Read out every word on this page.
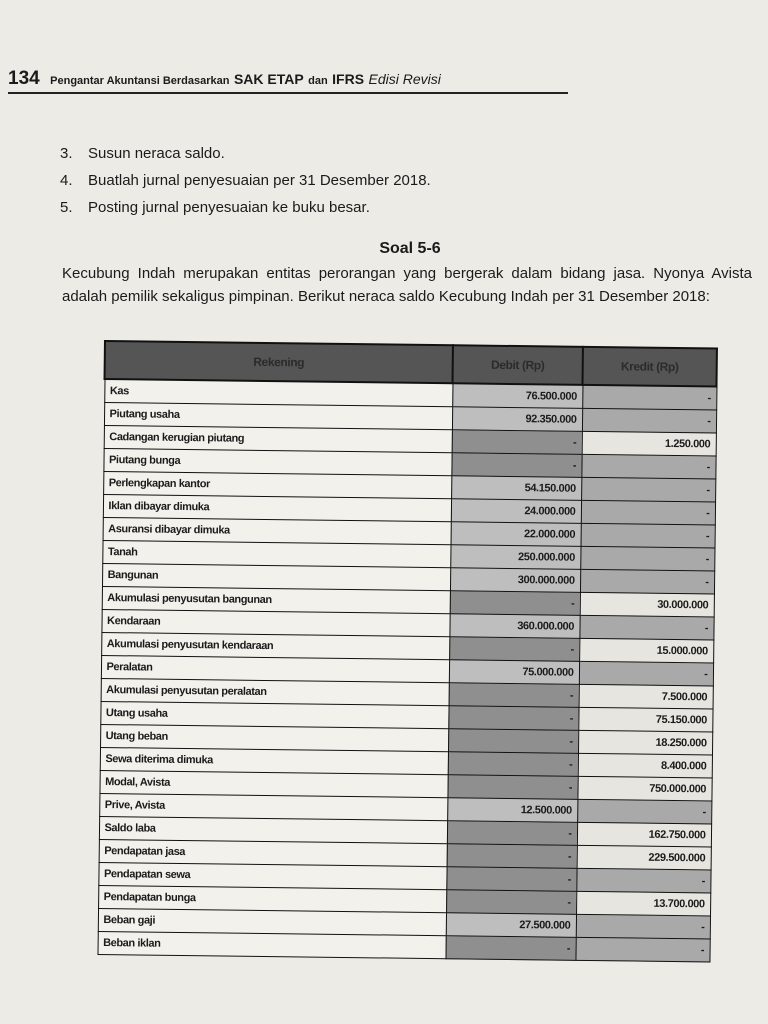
134 Pengantar Akuntansi Berdasarkan SAK ETAP dan IFRS Edisi Revisi
3. Susun neraca saldo.
4. Buatlah jurnal penyesuaian per 31 Desember 2018.
5. Posting jurnal penyesuaian ke buku besar.
Soal 5-6
Kecubung Indah merupakan entitas perorangan yang bergerak dalam bidang jasa. Nyonya Avista adalah pemilik sekaligus pimpinan. Berikut neraca saldo Kecubung Indah per 31 Desember 2018:
Rekening	Debit (Rp)	Kredit (Rp)
Kas	76.500.000	-
Piutang usaha	92.350.000	-
Cadangan kerugian piutang	-	1.250.000
Piutang bunga	-	-
Perlengkapan kantor	54.150.000	-
Iklan dibayar dimuka	24.000.000	-
Asuransi dibayar dimuka	22.000.000	-
Tanah	250.000.000	-
Bangunan	300.000.000	-
Akumulasi penyusutan bangunan	-	30.000.000
Kendaraan	360.000.000	-
Akumulasi penyusutan kendaraan	-	15.000.000
Peralatan	75.000.000	-
Akumulasi penyusutan peralatan	-	7.500.000
Utang usaha	-	75.150.000
Utang beban	-	18.250.000
Sewa diterima dimuka	-	8.400.000
Modal, Avista	-	750.000.000
Prive, Avista	12.500.000	-
Saldo laba	-	162.750.000
Pendapatan jasa	-	229.500.000
Pendapatan sewa	-	-
Pendapatan bunga	-	13.700.000
Beban gaji	27.500.000	-
Beban iklan	-	-
